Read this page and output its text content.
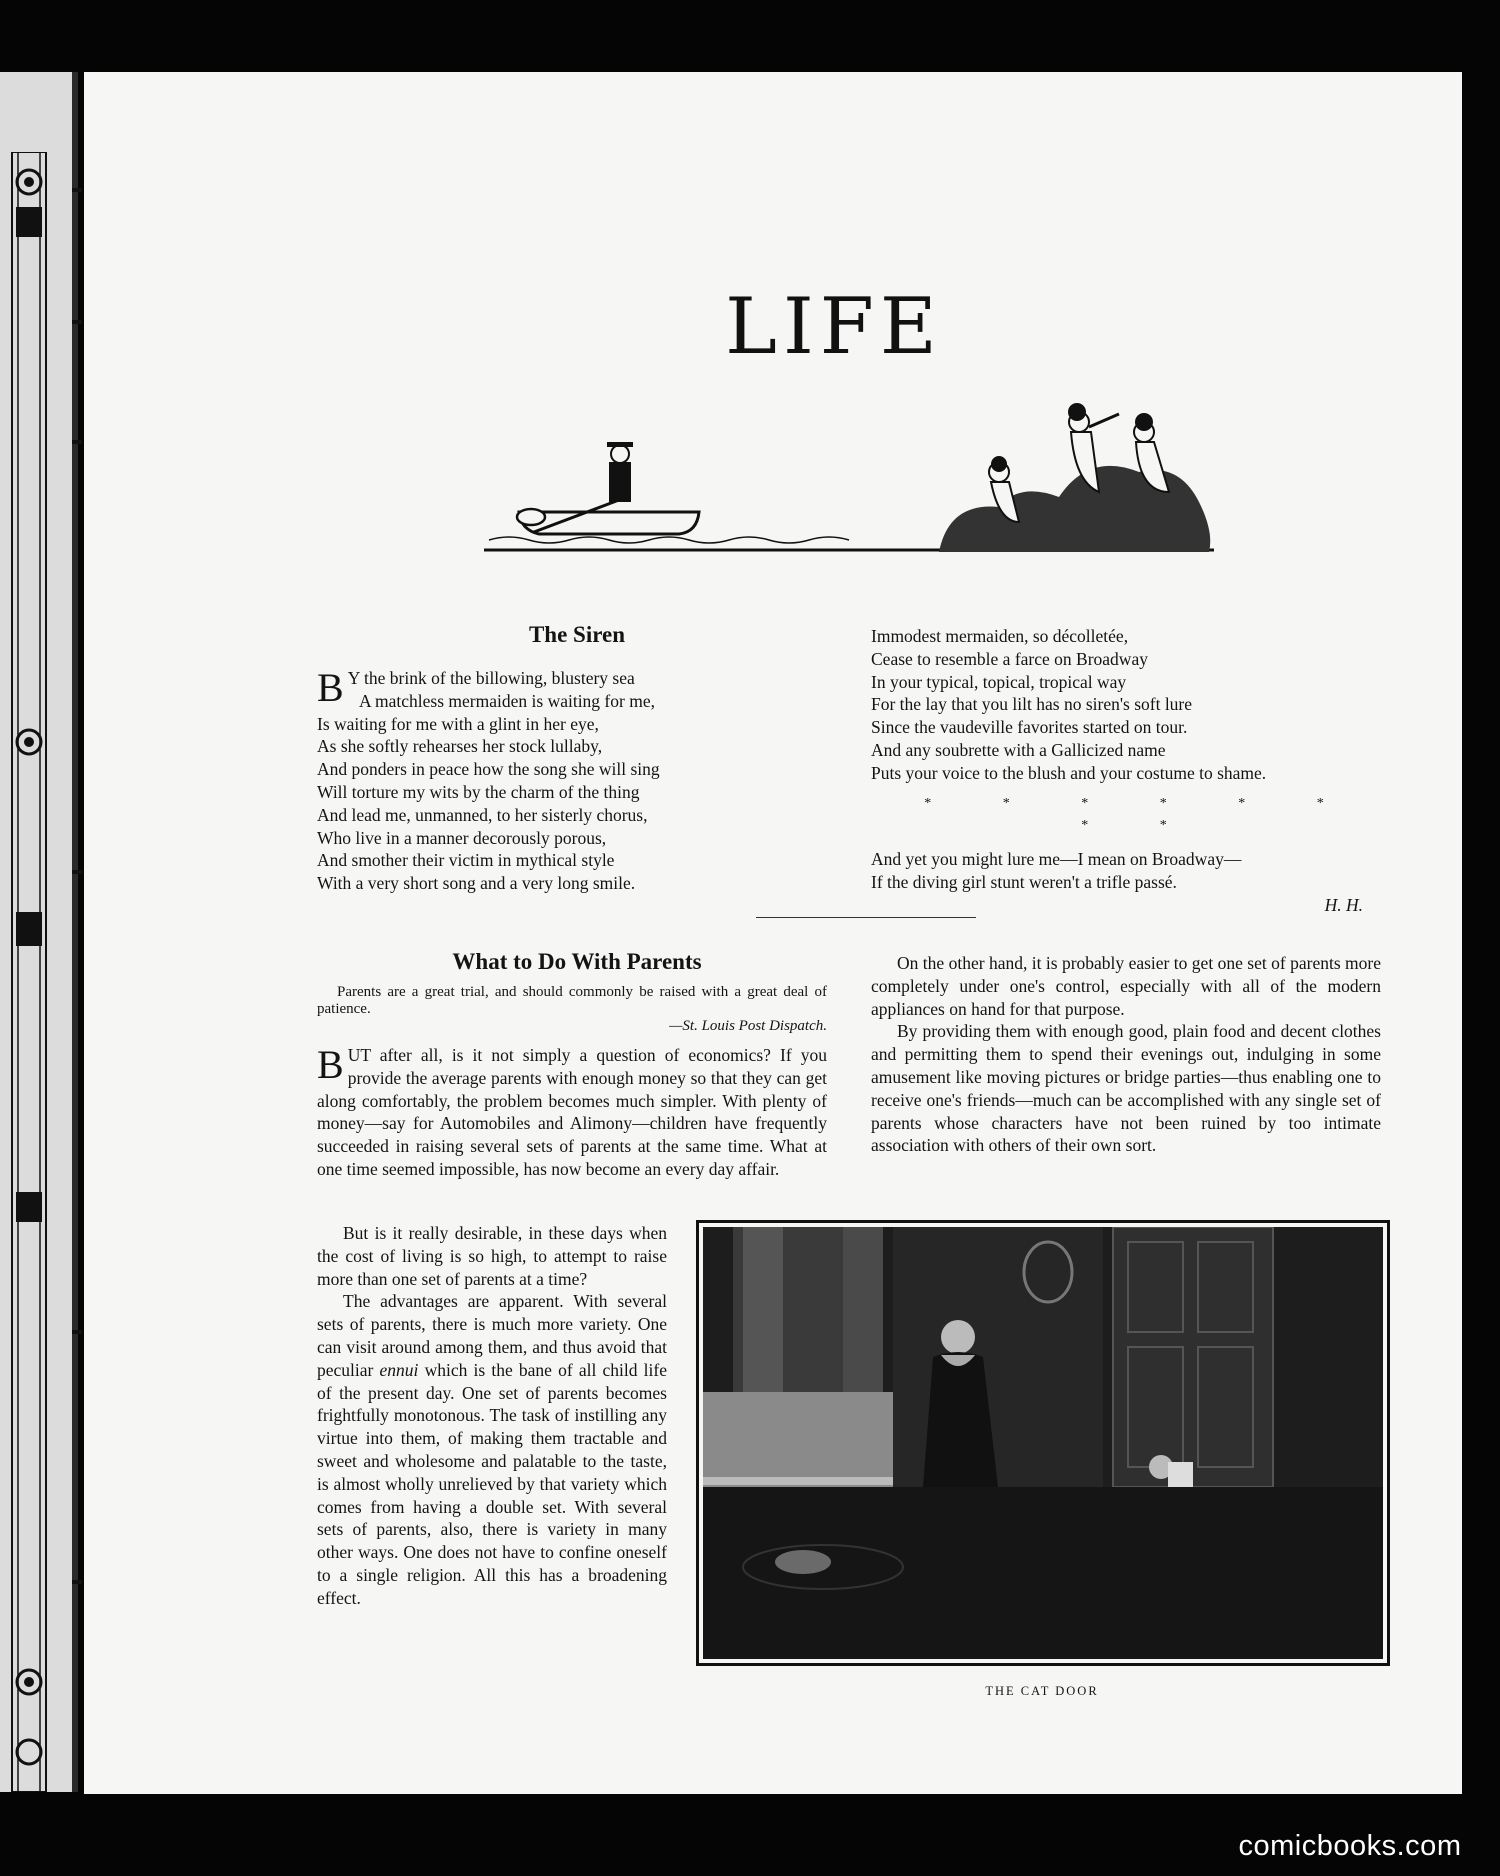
LIFE
The Siren
B Y the brink of the billowing, blustery sea
A matchless mermaiden is waiting for me,
Is waiting for me with a glint in her eye,
As she softly rehearses her stock lullaby,
And ponders in peace how the song she will sing
Will torture my wits by the charm of the thing
And lead me, unmanned, to her sisterly chorus,
Who live in a manner decorously porous,
And smother their victim in mythical style
With a very short song and a very long smile.
Immodest mermaiden, so décolletée,
Cease to resemble a farce on Broadway
In your typical, topical, tropical way
For the lay that you lilt has no siren's soft lure
Since the vaudeville favorites started on tour.
And any soubrette with a Gallicized name
Puts your voice to the blush and your costume to shame.
* * * * * * * *
And yet you might lure me—I mean on Broadway—
If the diving girl stunt weren't a trifle passé.
H. H.
What to Do With Parents

Parents are a great trial, and should commonly be raised with a great deal of patience.

—St. Louis Post Dispatch.

B UT after all, is it not simply a question of economics? If you provide the average parents with enough money so that they can get along comfortably, the problem becomes much simpler. With plenty of money—say for Automobiles and Alimony—children have frequently succeeded in raising several sets of parents at the same time. What at one time seemed impossible, has now become an every day affair.

But is it really desirable, in these days when the cost of living is so high, to attempt to raise more than one set of parents at a time?

The advantages are apparent. With several sets of parents, there is much more variety. One can visit around among them, and thus avoid that peculiar ennui which is the bane of all child life of the present day. One set of parents becomes frightfully monotonous. The task of instilling any virtue into them, of making them tractable and sweet and wholesome and palatable to the taste, is almost wholly unrelieved by that variety which comes from having a double set. With several sets of parents, also, there is variety in many other ways. One does not have to confine oneself to a single religion. All this has a broadening effect.

On the other hand, it is probably easier to get one set of parents more completely under one's control, especially with all of the modern appliances on hand for that purpose.

By providing them with enough good, plain food and decent clothes and permitting them to spend their evenings out, indulging in some amusement like moving pictures or bridge parties—thus enabling one to receive one's friends—much can be accomplished with any single set of parents whose characters have not been ruined by too intimate association with others of their own sort.

THE CAT DOOR
comicbooks.com
